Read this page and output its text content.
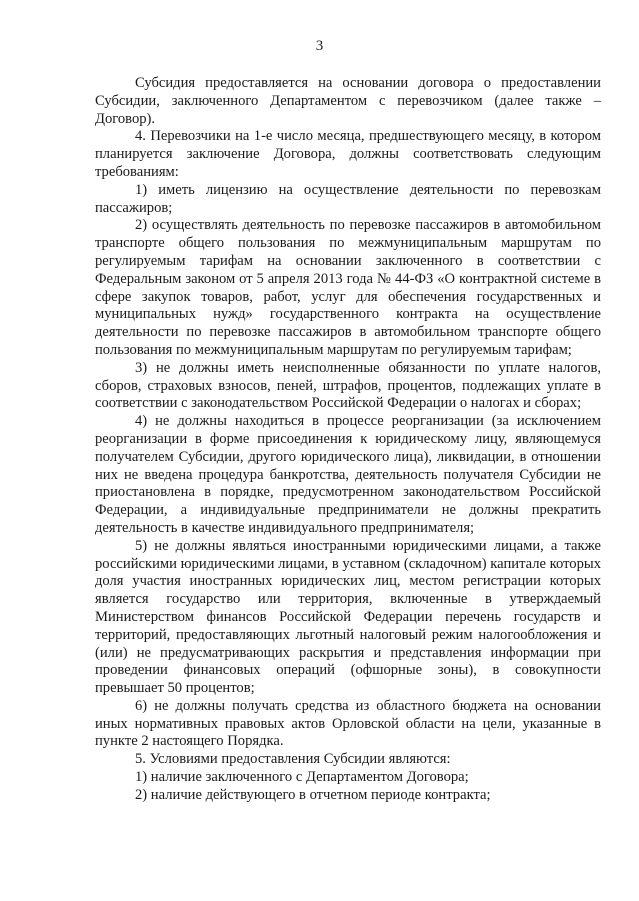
3

Субсидия предоставляется на основании договора о предоставлении Субсидии, заключенного Департаментом с перевозчиком (далее также – Договор).

4. Перевозчики на 1-е число месяца, предшествующего месяцу, в котором планируется заключение Договора, должны соответствовать следующим требованиям:

1) иметь лицензию на осуществление деятельности по перевозкам пассажиров;

2) осуществлять деятельность по перевозке пассажиров в автомобильном транспорте общего пользования по межмуниципальным маршрутам по регулируемым тарифам на основании заключенного в соответствии с Федеральным законом от 5 апреля 2013 года № 44-ФЗ «О контрактной системе в сфере закупок товаров, работ, услуг для обеспечения государственных и муниципальных нужд» государственного контракта на осуществление деятельности по перевозке пассажиров в автомобильном транспорте общего пользования по межмуниципальным маршрутам по регулируемым тарифам;

3) не должны иметь неисполненные обязанности по уплате налогов, сборов, страховых взносов, пеней, штрафов, процентов, подлежащих уплате в соответствии с законодательством Российской Федерации о налогах и сборах;

4) не должны находиться в процессе реорганизации (за исключением реорганизации в форме присоединения к юридическому лицу, являющемуся получателем Субсидии, другого юридического лица), ликвидации, в отношении них не введена процедура банкротства, деятельность получателя Субсидии не приостановлена в порядке, предусмотренном законодательством Российской Федерации, а индивидуальные предприниматели не должны прекратить деятельность в качестве индивидуального предпринимателя;

5) не должны являться иностранными юридическими лицами, а также российскими юридическими лицами, в уставном (складочном) капитале которых доля участия иностранных юридических лиц, местом регистрации которых является государство или территория, включенные в утверждаемый Министерством финансов Российской Федерации перечень государств и территорий, предоставляющих льготный налоговый режим налогообложения и (или) не предусматривающих раскрытия и представления информации при проведении финансовых операций (офшорные зоны), в совокупности превышает 50 процентов;

6) не должны получать средства из областного бюджета на основании иных нормативных правовых актов Орловской области на цели, указанные в пункте 2 настоящего Порядка.

5. Условиями предоставления Субсидии являются:

1) наличие заключенного с Департаментом Договора;

2) наличие действующего в отчетном периоде контракта;
